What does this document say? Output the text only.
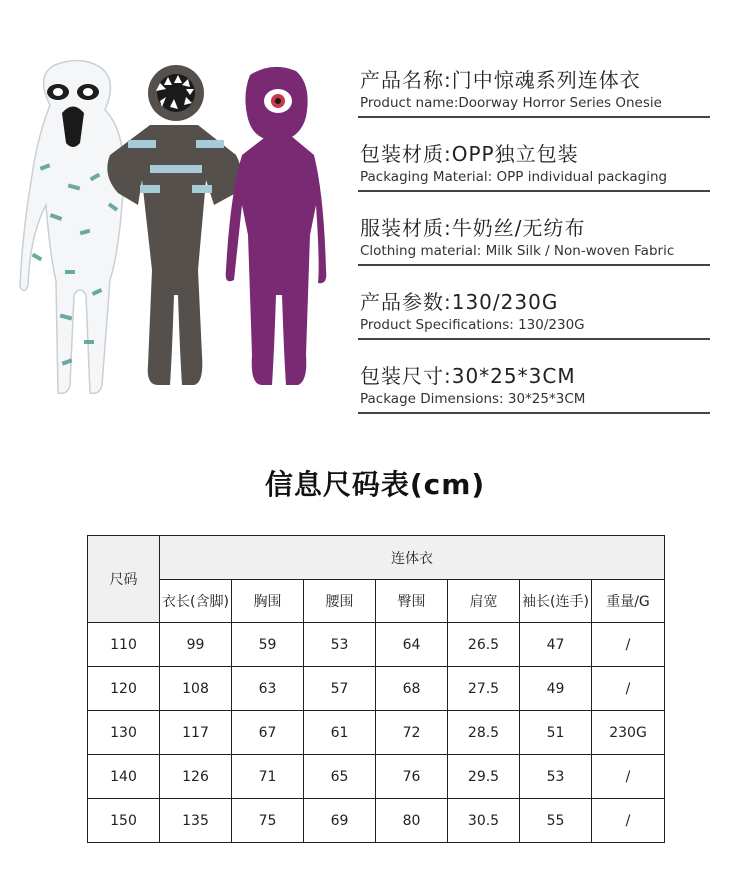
产品名称:门中惊魂系列连体衣
Product name:Doorway Horror Series Onesie
包装材质:OPP独立包装
Packaging Material: OPP individual packaging
服装材质:牛奶丝/无纺布
Clothing material: Milk Silk / Non-woven Fabric
产品参数:130/230G
Product Specifications: 130/230G
包装尺寸:30*25*3CM
Package Dimensions: 30*25*3CM
信息尺码表(cm)
尺码	连体衣						
	衣长(含脚)	胸围	腰围	臀围	肩宽	袖长(连手)	重量/G
110	99	59	53	64	26.5	47	/
120	108	63	57	68	27.5	49	/
130	117	67	61	72	28.5	51	230G
140	126	71	65	76	29.5	53	/
150	135	75	69	80	30.5	55	/
